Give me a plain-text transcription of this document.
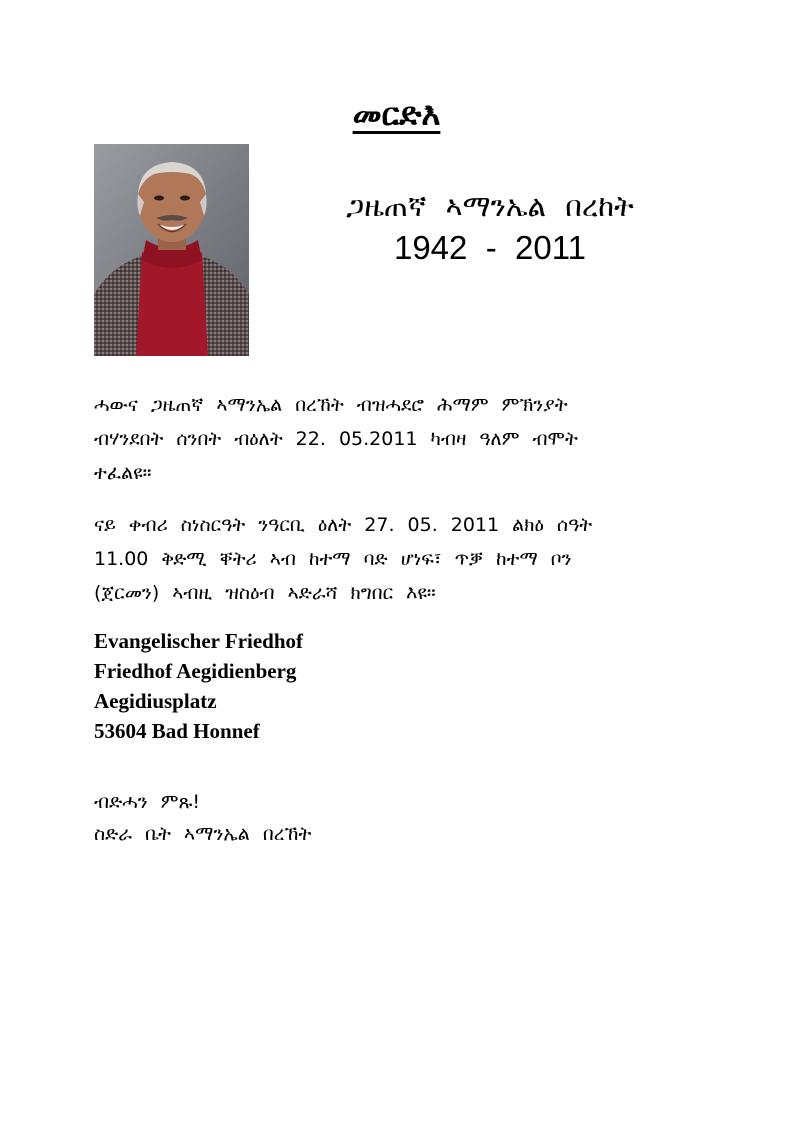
መርድእ
ጋዜጠኛ ኣማንኤል በረከት
1942  -  2011
ሓውና ጋዜጠኛ ኣማንኤል በረኸት ብዝሓደሮ ሕማም ምኽንያት
ብሃንደበት ሰንበት ብዕለት 22. 05.2011 ካብዛ ዓለም ብሞት
ተፈልዩ።
ናይ ቀብሪ ስነስርዓት ንዓርቢ ዕለት 27. 05. 2011 ልክዕ ሰዓት
11.00 ቅድሚ ቐትሪ ኣብ ከተማ ባድ ሆነፍ፣ ጥቓ ከተማ ቦን
(ጀርመን) ኣብዚ ዝስዕብ ኣድራሻ ክግበር እዩ።
Evangelischer Friedhof
Friedhof Aegidienberg
Aegidiusplatz
53604 Bad Honnef
ብድሓን ምጹ!
ስድራ ቤት ኣማንኤል በረኸት
